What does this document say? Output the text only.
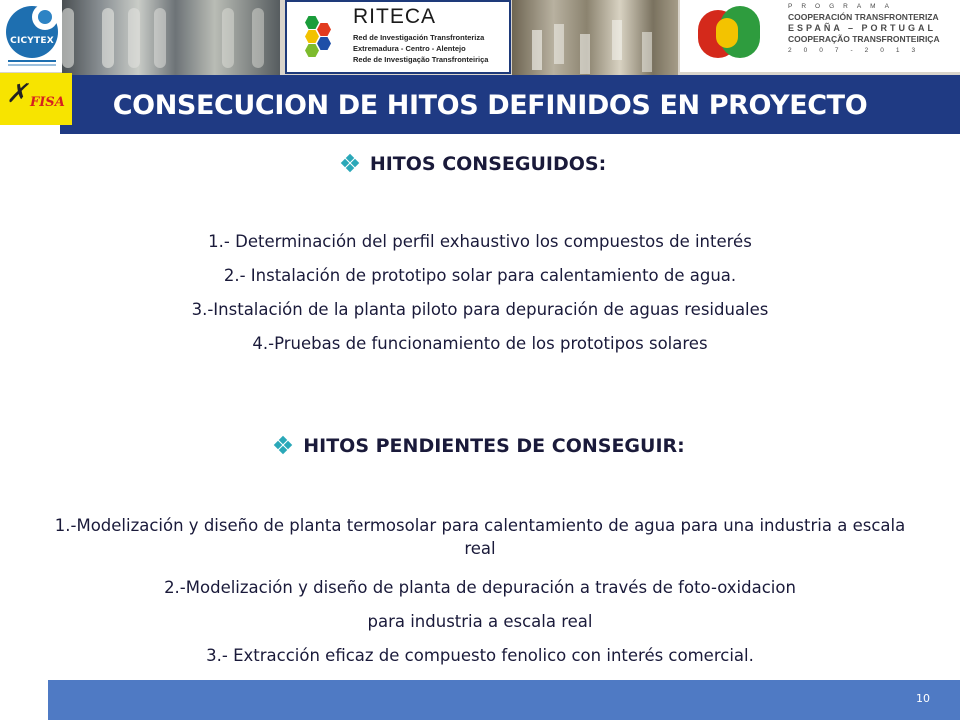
CICYTEX
RITECA
Red de Investigación Transfronteriza
Extremadura - Centro - Alentejo
Rede de Investigação Transfronteiriça
PROGRAMA
COOPERACIÓN TRANSFRONTERIZA
ESPAÑA – PORTUGAL
COOPERAÇÃO TRANSFRONTEIRIÇA
2007-2013
CONSECUCION DE HITOS DEFINIDOS EN PROYECTO
✗ FISA
HITOS CONSEGUIDOS:
1.- Determinación del perfil exhaustivo los compuestos de interés
2.- Instalación de prototipo solar para calentamiento de agua.
3.-Instalación de la planta piloto para depuración de aguas residuales
4.-Pruebas de funcionamiento de los prototipos solares
HITOS PENDIENTES DE CONSEGUIR:
1.-Modelización y diseño de planta termosolar para calentamiento de agua para una industria a escala real
2.-Modelización y diseño de planta de depuración a través de foto-oxidacion
para industria a escala real
3.- Extracción eficaz de compuesto fenolico con interés comercial.
10
